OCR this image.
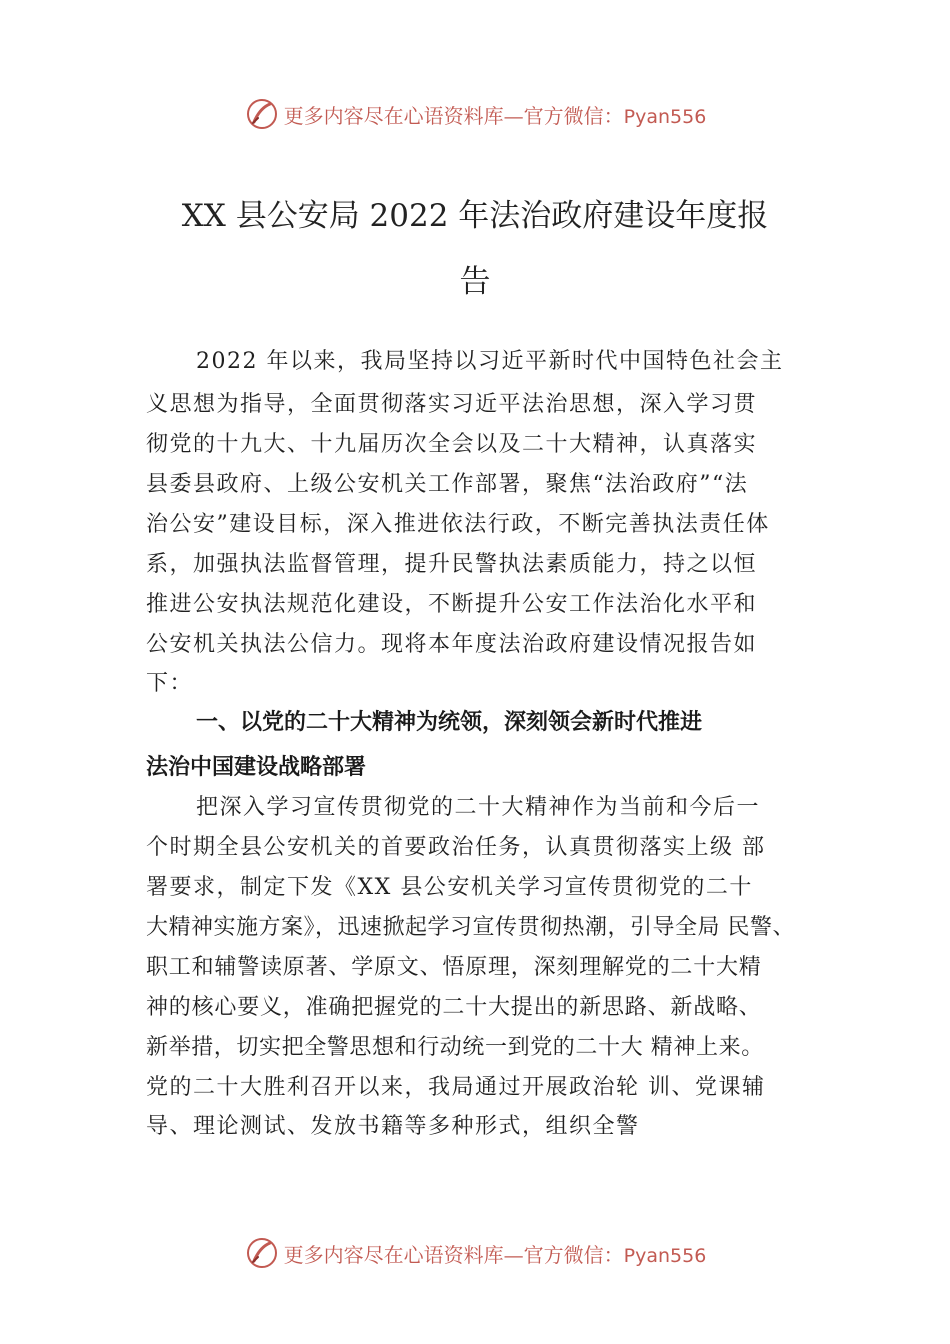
更多内容尽在心语资料库—官方微信：Pyan556
XX 县公安局 2022 年法治政府建设年度报
告
2022 年以来，我局坚持以习近平新时代中国特色社会主
义思想为指导，全面贯彻落实习近平法治思想，深入学习贯
彻党的十九大、十九届历次全会以及二十大精神，认真落实
县委县政府、上级公安机关工作部署，聚焦“法治政府”“法
治公安”建设目标，深入推进依法行政，不断完善执法责任体
系，加强执法监督管理，提升民警执法素质能力，持之以恒
推进公安执法规范化建设，不断提升公安工作法治化水平和
公安机关执法公信力。现将本年度法治政府建设情况报告如
下：
一、以党的二十大精神为统领，深刻领会新时代推进
法治中国建设战略部署
把深入学习宣传贯彻党的二十大精神作为当前和今后一
个时期全县公安机关的首要政治任务，认真贯彻落实上级 部
署要求，制定下发《XX 县公安机关学习宣传贯彻党的二十
大精神实施方案》，迅速掀起学习宣传贯彻热潮，引导全局 民警、
职工和辅警读原著、学原文、悟原理，深刻理解党的二十大精
神的核心要义，准确把握党的二十大提出的新思路、新战略、
新举措，切实把全警思想和行动统一到党的二十大 精神上来。
党的二十大胜利召开以来，我局通过开展政治轮 训、党课辅
导、理论测试、发放书籍等多种形式，组织全警
更多内容尽在心语资料库—官方微信：Pyan556
